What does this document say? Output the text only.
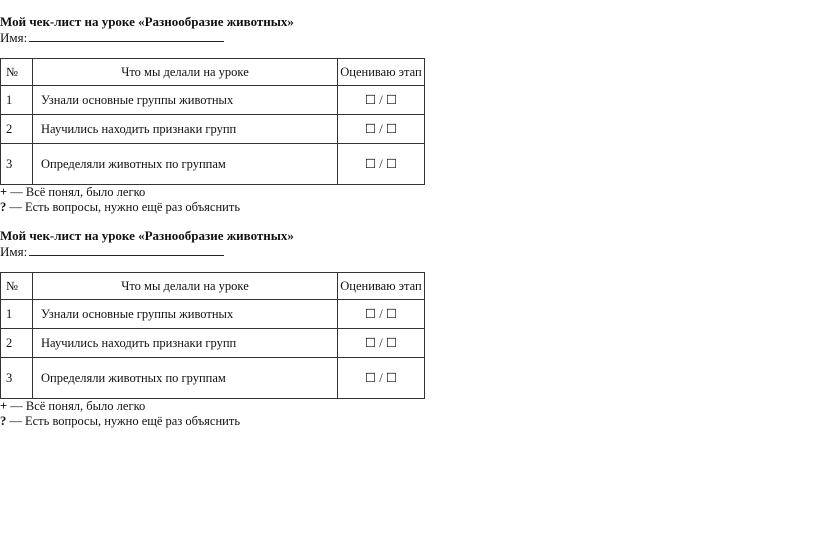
Мой чек-лист на уроке «Разнообразие животных»
Имя:
№	Что мы делали на уроке	Оцениваю этап
1	Узнали основные группы животных	☐ / ☐
2	Научились находить признаки групп	☐ / ☐
3	Определяли животных по группам	☐ / ☐
+ — Всё понял, было легко
? — Есть вопросы, нужно ещё раз объяснить
Мой чек-лист на уроке «Разнообразие животных»
Имя:
№	Что мы делали на уроке	Оцениваю этап
1	Узнали основные группы животных	☐ / ☐
2	Научились находить признаки групп	☐ / ☐
3	Определяли животных по группам	☐ / ☐
+ — Всё понял, было легко
? — Есть вопросы, нужно ещё раз объяснить
